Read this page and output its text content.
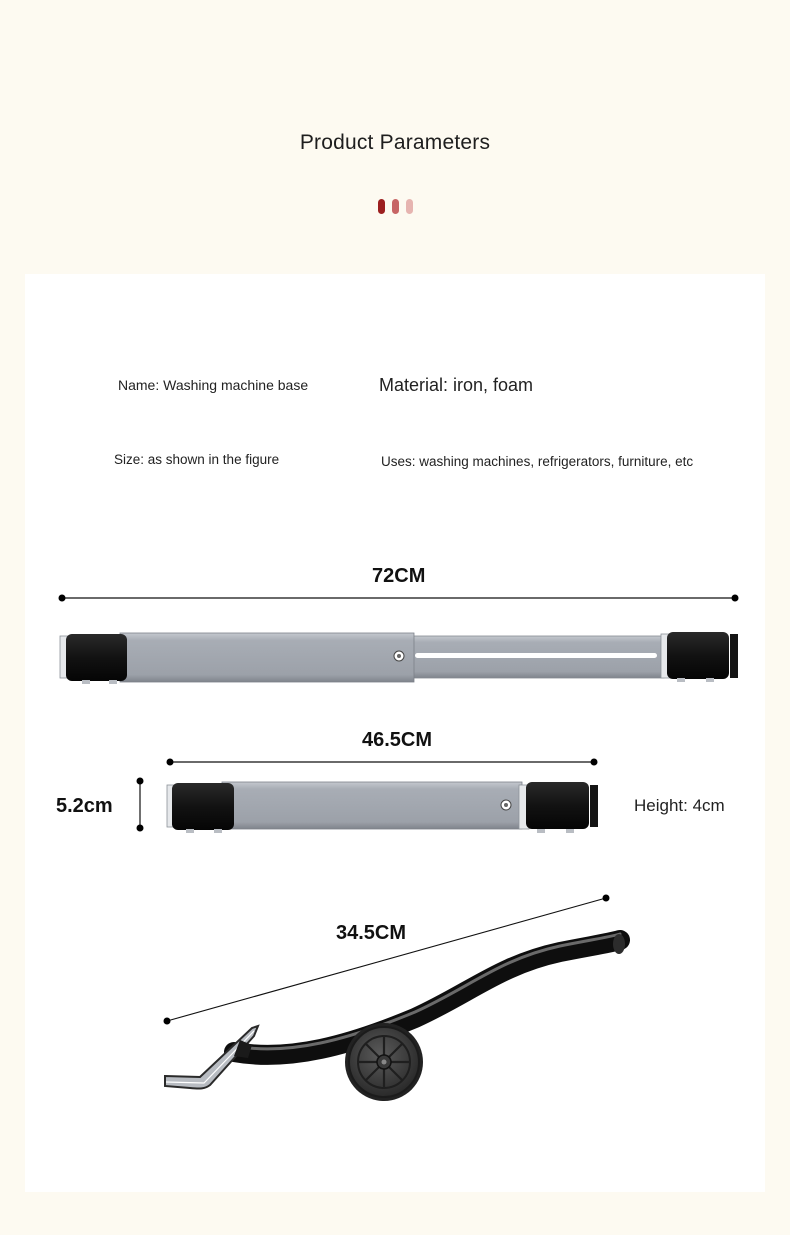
Product Parameters
Name: Washing machine base	Material: iron, foam
Size: as shown in the figure	Uses: washing machines, refrigerators, furniture, etc
72CM
46.5CM
5.2cm	Height: 4cm
34.5CM
